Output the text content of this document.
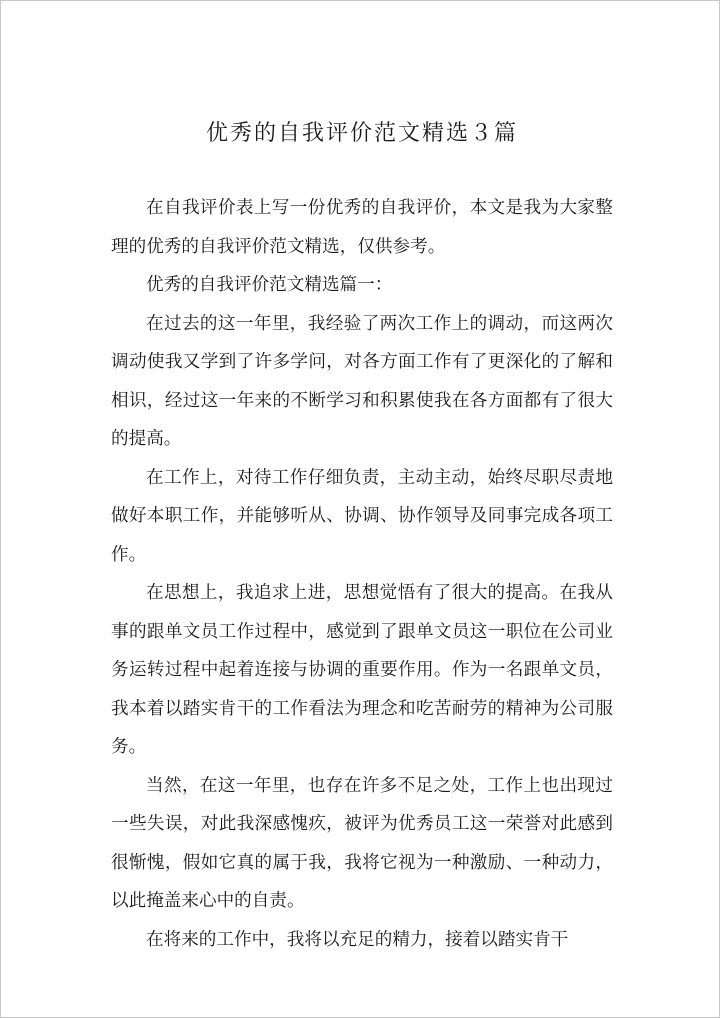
优秀的自我评价范文精选３篇

在自我评价表上写一份优秀的自我评价，本文是我为大家整理的优秀的自我评价范文精选，仅供参考。

优秀的自我评价范文精选篇一：

在过去的这一年里，我经验了两次工作上的调动，而这两次调动使我又学到了许多学问，对各方面工作有了更深化的了解和相识，经过这一年来的不断学习和积累使我在各方面都有了很大的提高。

在工作上，对待工作仔细负责，主动主动，始终尽职尽责地做好本职工作，并能够听从、协调、协作领导及同事完成各项工作。

在思想上，我追求上进，思想觉悟有了很大的提高。在我从事的跟单文员工作过程中，感觉到了跟单文员这一职位在公司业务运转过程中起着连接与协调的重要作用。作为一名跟单文员，我本着以踏实肯干的工作看法为理念和吃苦耐劳的精神为公司服务。

当然，在这一年里，也存在许多不足之处，工作上也出现过一些失误，对此我深感愧疚，被评为优秀员工这一荣誉对此感到很惭愧，假如它真的属于我，我将它视为一种激励、一种动力，以此掩盖来心中的自责。

在将来的工作中，我将以充足的精力，接着以踏实肯干
